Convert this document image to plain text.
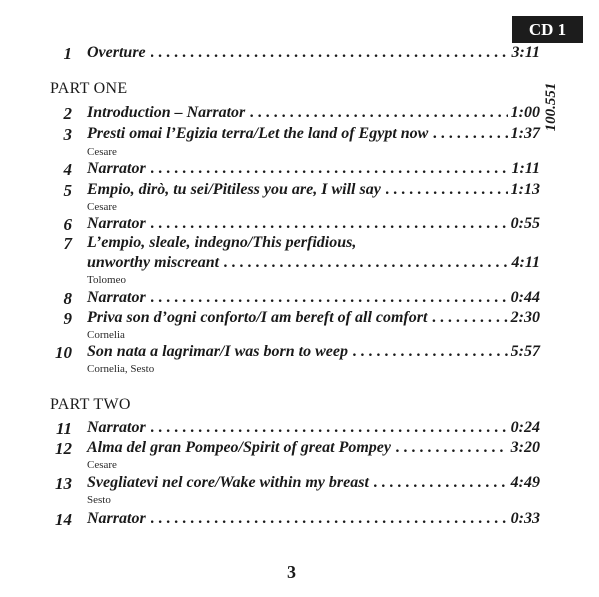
CD 1
100.551
1 Overture . . .	3:11
PART ONE
2 Introduction – Narrator . . .	1:00
3 Presti omai l’Egizia terra/Let the land of Egypt now . . .	1:37
Cesare
4 Narrator . . .	1:11
5 Empio, dirò, tu sei/Pitiless you are, I will say . . .	1:13
Cesare
6 Narrator . . .	0:55
7 L’empio, sleale, indegno/This perfidious,
unworthy miscreant . . .	4:11
Tolomeo
8 Narrator . . .	0:44
9 Priva son d’ogni conforto/I am bereft of all comfort . . .	2:30
Cornelia
10 Son nata a lagrimar/I was born to weep . . .	5:57
Cornelia, Sesto
PART TWO
11 Narrator . . .	0:24
12 Alma del gran Pompeo/Spirit of great Pompey . . .	3:20
Cesare
13 Svegliatevi nel core/Wake within my breast . . .	4:49
Sesto
14 Narrator . . .	0:33
3
